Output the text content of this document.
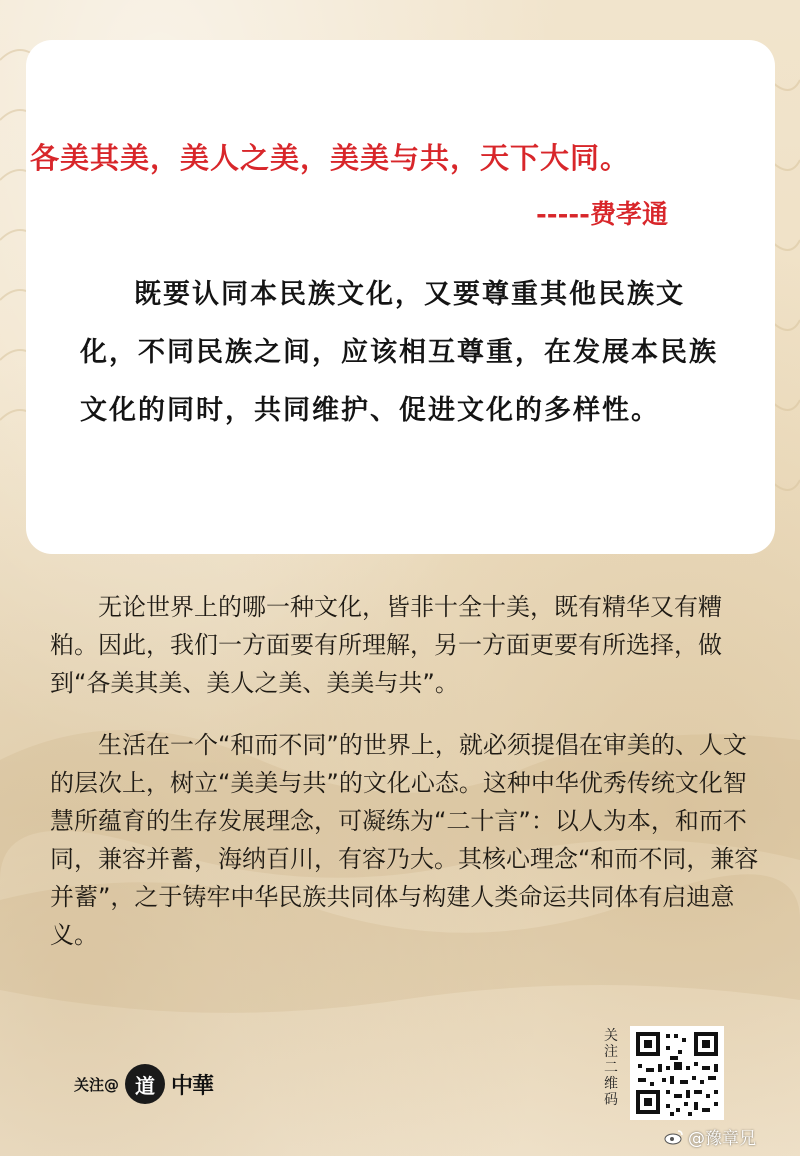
各美其美，美人之美，美美与共，天下大同。
-----费孝通
既要认同本民族文化，又要尊重其他民族文化，不同民族之间，应该相互尊重，在发展本民族文化的同时，共同维护、促进文化的多样性。

无论世界上的哪一种文化，皆非十全十美，既有精华又有糟粕。因此，我们一方面要有所理解，另一方面更要有所选择，做到“各美其美、美人之美、美美与共”。

生活在一个“和而不同”的世界上，就必须提倡在审美的、人文的层次上，树立“美美与共”的文化心态。这种中华优秀传统文化智慧所蕴育的生存发展理念，可凝练为“二十言”：以人为本，和而不同，兼容并蓄，海纳百川，有容乃大。其核心理念“和而不同，兼容并蓄”，之于铸牢中华民族共同体与构建人类命运共同体有启迪意义。

关注@ 道 中華
关注二维码
@豫章兄
